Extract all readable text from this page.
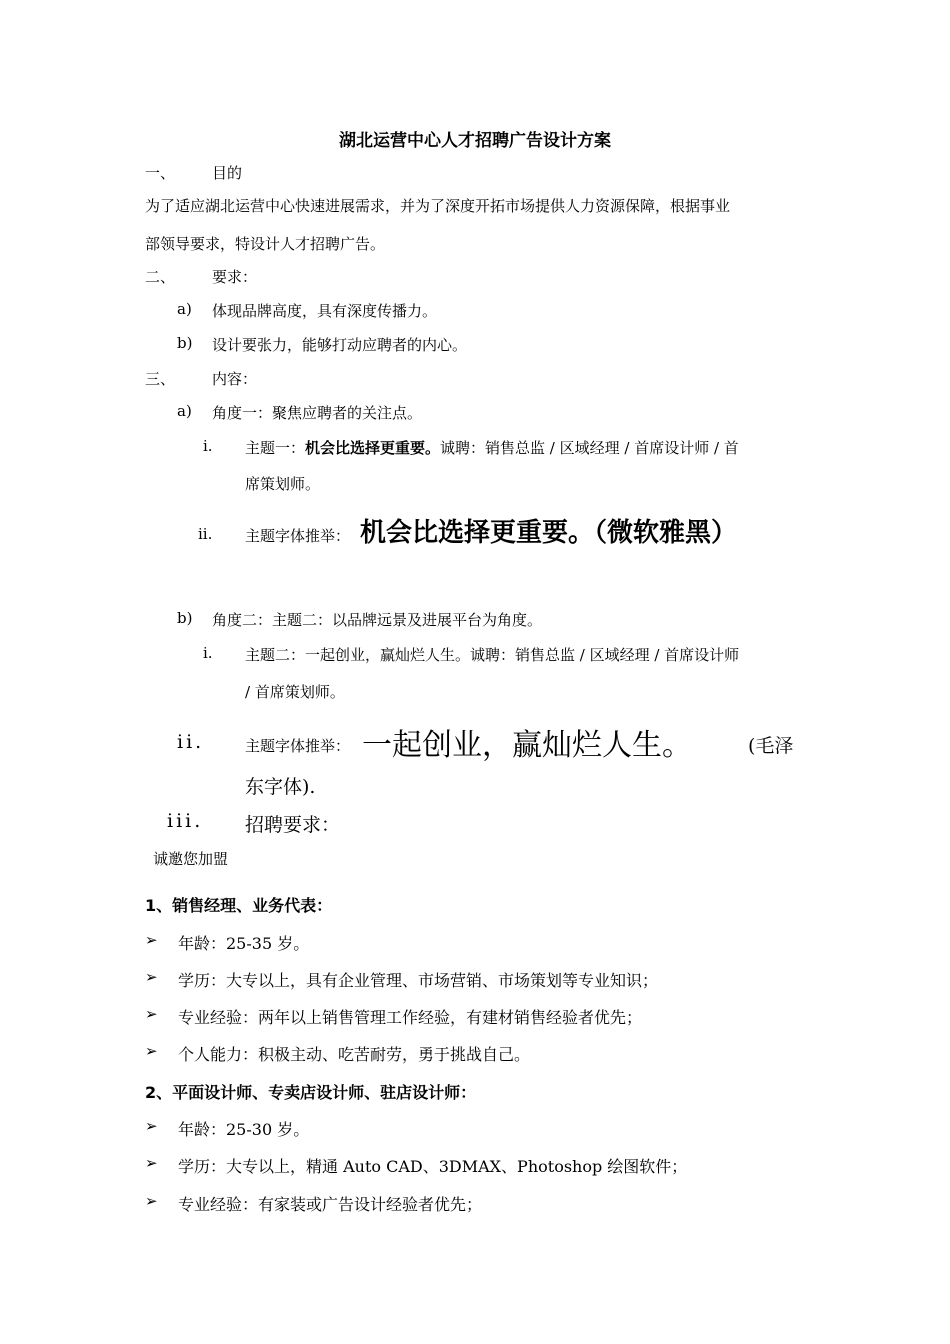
湖北运营中心人才招聘广告设计方案
一、 目的
为了适应湖北运营中心快速进展需求，并为了深度开拓市场提供人力资源保障，根据事业
部领导要求，特设计人才招聘广告。
二、 要求：
a) 体现品牌高度，具有深度传播力。
b) 设计要张力，能够打动应聘者的内心。
三、 内容：
a) 角度一：聚焦应聘者的关注点。
i. 主题一：机会比选择更重要。诚聘：销售总监 / 区域经理 / 首席设计师 / 首
席策划师。
ii. 主题字体推举： 机会比选择更重要。（微软雅黑）
b) 角度二：主题二：以品牌远景及进展平台为角度。
i. 主题二：一起创业，赢灿烂人生。诚聘：销售总监 / 区域经理 / 首席设计师
/ 首席策划师。
ii.	主题字体推举： 一起创业，赢灿烂人生。	(毛泽
东字体).
iii. 招聘要求：
诚邀您加盟
1、销售经理、业务代表：
➢ 年龄：25-35 岁。
➢ 学历：大专以上，具有企业管理、市场营销、市场策划等专业知识；
➢ 专业经验：两年以上销售管理工作经验，有建材销售经验者优先；
➢ 个人能力：积极主动、吃苦耐劳，勇于挑战自己。
2、平面设计师、专卖店设计师、驻店设计师：
➢ 年龄：25-30 岁。
➢ 学历：大专以上，精通 Auto CAD、3DMAX、Photoshop 绘图软件；
➢ 专业经验：有家装或广告设计经验者优先；
